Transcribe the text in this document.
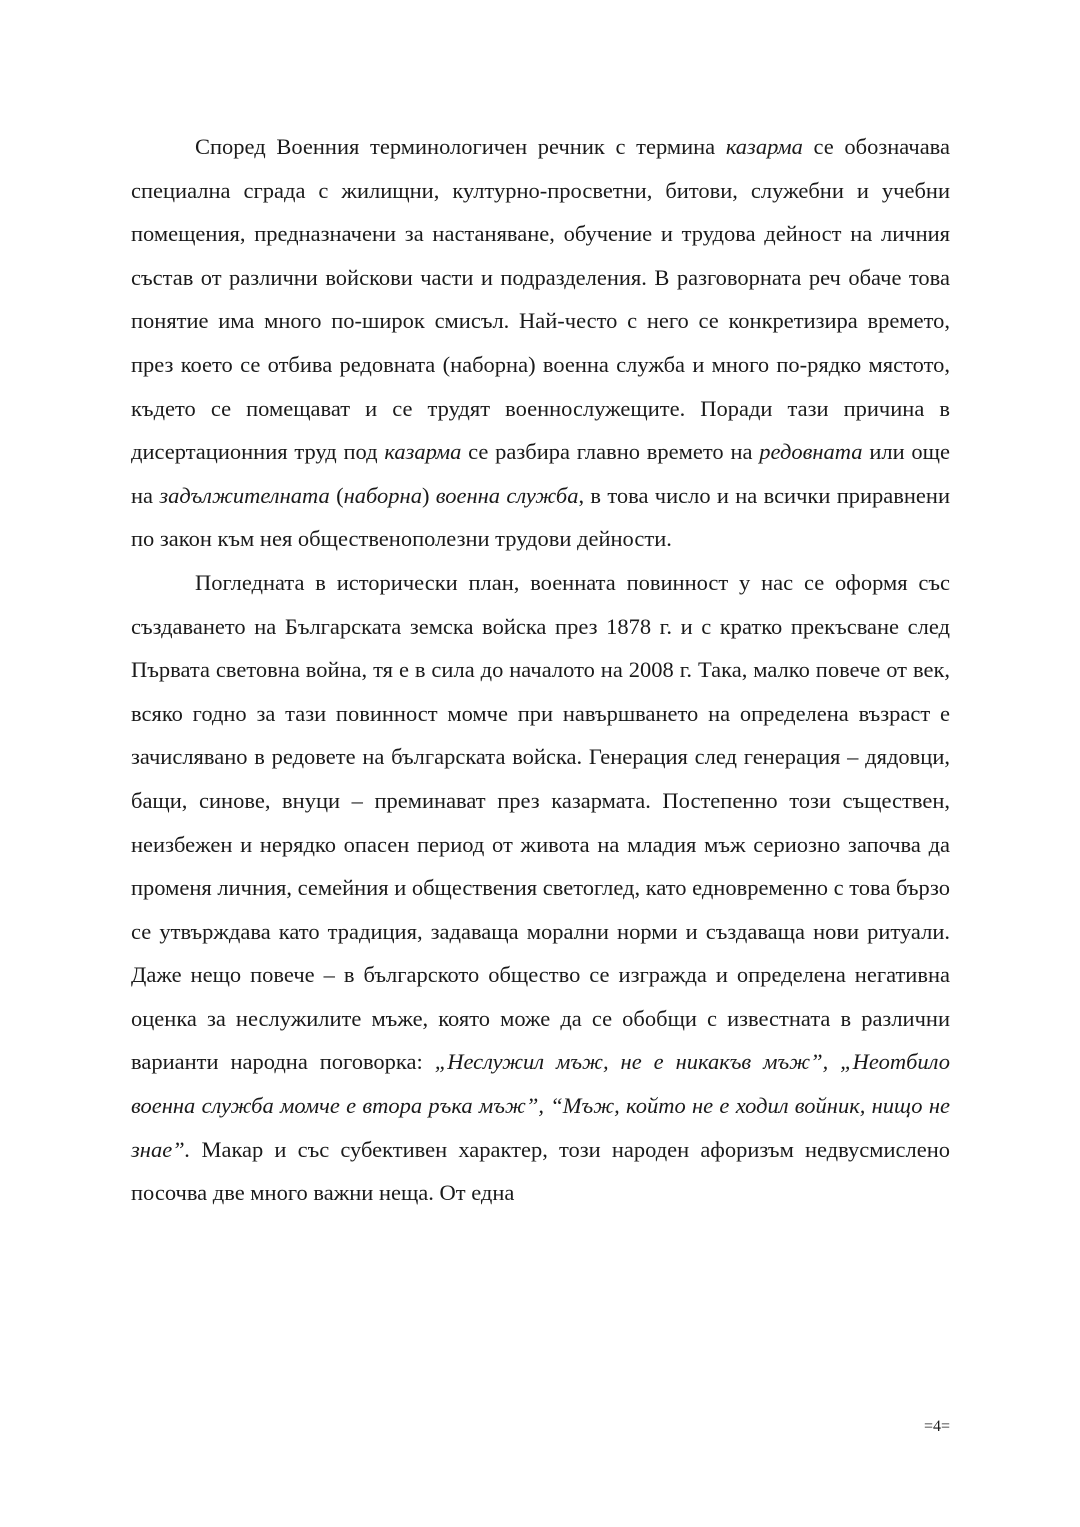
Според Военния терминологичен речник с термина казарма се обозначава специална сграда с жилищни, културно-просветни, битови, служебни и учебни помещения, предназначени за настаняване, обучение и трудова дейност на личния състав от различни войскови части и подразделения. В разговорната реч обаче това понятие има много по-широк смисъл. Най-често с него се конкретизира времето, през което се отбива редовната (наборна) военна служба и много по-рядко мястото, където се помещават и се трудят военнослужещите. Поради тази причина в дисертационния труд под казарма се разбира главно времето на редовната или още на задължителната (наборна) военна служба, в това число и на всички приравнени по закон към нея общественополезни трудови дейности.

Погледната в исторически план, военната повинност у нас се оформя със създаването на Българската земска войска през 1878 г. и с кратко прекъсване след Първата световна война, тя е в сила до началото на 2008 г. Така, малко повече от век, всяко годно за тази повинност момче при навършването на определена възраст е зачислявано в редовете на българската войска. Генерация след генерация – дядовци, бащи, синове, внуци – преминават през казармата. Постепенно този съществен, неизбежен и нерядко опасен период от живота на младия мъж сериозно започва да променя личния, семейния и обществения светоглед, като едновременно с това бързо се утвърждава като традиция, задаваща морални норми и създаваща нови ритуали. Даже нещо повече – в българското общество се изгражда и определена негативна оценка за неслужилите мъже, която може да се обобщи с известната в различни варианти народна поговорка: „Неслужил мъж, не е никакъв мъж”, „Неотбило военна служба момче е втора ръка мъж”, “Мъж, който не е ходил войник, нищо не знае”. Макар и със субективен характер, този народен афоризъм недвусмислено посочва две много важни неща. От една

=4=
